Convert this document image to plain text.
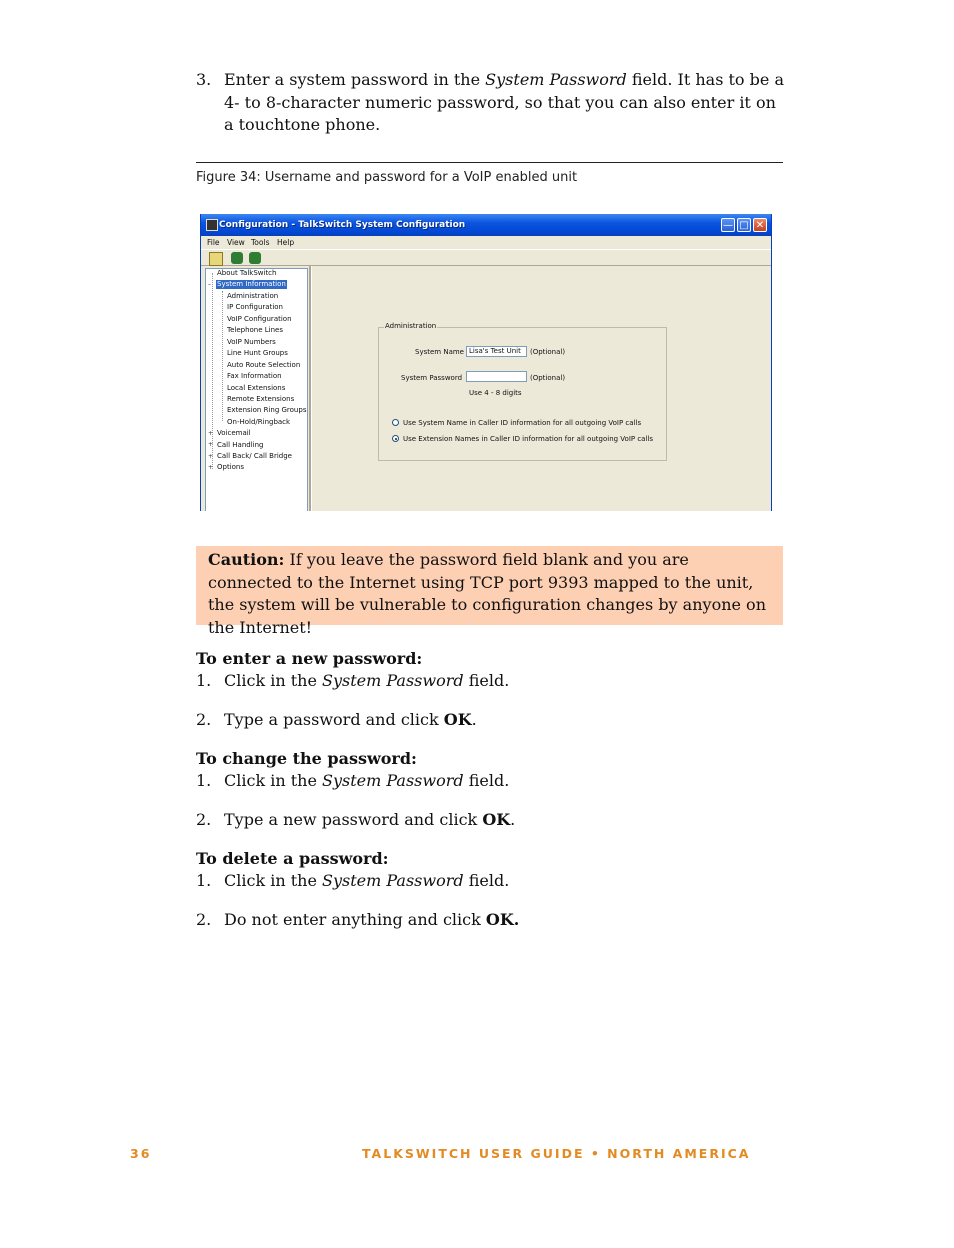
3. Enter a system password in the System Password field. It has to be a 4- to 8-character numeric password, so that you can also enter it on a touchtone phone.
Figure 34: Username and password for a VoIP enabled unit
Configuration - TalkSwitch System Configuration	— □ ✕
File View Tools Help
About TalkSwitch
– System Information
Administration
IP Configuration
VoIP Configuration
Telephone Lines
VoIP Numbers
Line Hunt Groups
Auto Route Selection
Fax Information
Local Extensions
Remote Extensions
Extension Ring Groups
On-Hold/Ringback
+ Voicemail
+ Call Handling
+ Call Back/ Call Bridge
+ Options
Administration
System Name Lisa's Test Unit	(Optional)
System Password	(Optional)
Use 4 - 8 digits
Use System Name in Caller ID information for all outgoing VoIP calls
Use Extension Names in Caller ID information for all outgoing VoIP calls
Caution: If you leave the password field blank and you are connected to the Internet using TCP port 9393 mapped to the unit, the system will be vulnerable to configuration changes by anyone on the Internet!
To enter a new password:
1. Click in the System Password field.
2. Type a password and click OK.
To change the password:
1. Click in the System Password field.
2. Type a new password and click OK.
To delete a password:
1. Click in the System Password field.
2. Do not enter anything and click OK.
36	TALKSWITCH USER GUIDE • NORTH AMERICA
